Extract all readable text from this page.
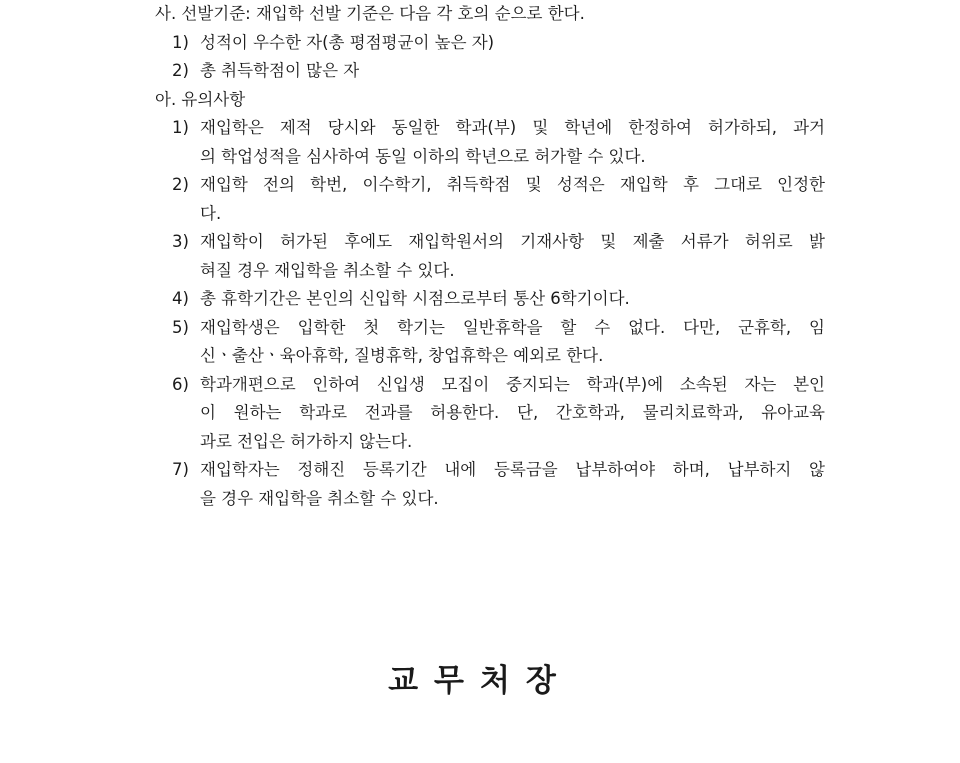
사. 선발기준: 재입학 선발 기준은 다음 각 호의 순으로 한다.
1) 성적이 우수한 자(총 평점평균이 높은 자)
2) 총 취득학점이 많은 자
아. 유의사항
1) 재입학은 제적 당시와 동일한 학과(부) 및 학년에 한정하여 허가하되, 과거
의 학업성적을 심사하여 동일 이하의 학년으로 허가할 수 있다.
2) 재입학 전의 학번, 이수학기, 취득학점 및 성적은 재입학 후 그대로 인정한
다.
3) 재입학이 허가된 후에도 재입학원서의 기재사항 및 제출 서류가 허위로 밝
혀질 경우 재입학을 취소할 수 있다.
4) 총 휴학기간은 본인의 신입학 시점으로부터 통산 6학기이다.
5) 재입학생은 입학한 첫 학기는 일반휴학을 할 수 없다. 다만, 군휴학, 임
신ㆍ출산ㆍ육아휴학, 질병휴학, 창업휴학은 예외로 한다.
6) 학과개편으로 인하여 신입생 모집이 중지되는 학과(부)에 소속된 자는 본인
이 원하는 학과로 전과를 허용한다. 단, 간호학과, 물리치료학과, 유아교육
과로 전입은 허가하지 않는다.
7) 재입학자는 정해진 등록기간 내에 등록금을 납부하여야 하며, 납부하지 않
을 경우 재입학을 취소할 수 있다.
교무처장
